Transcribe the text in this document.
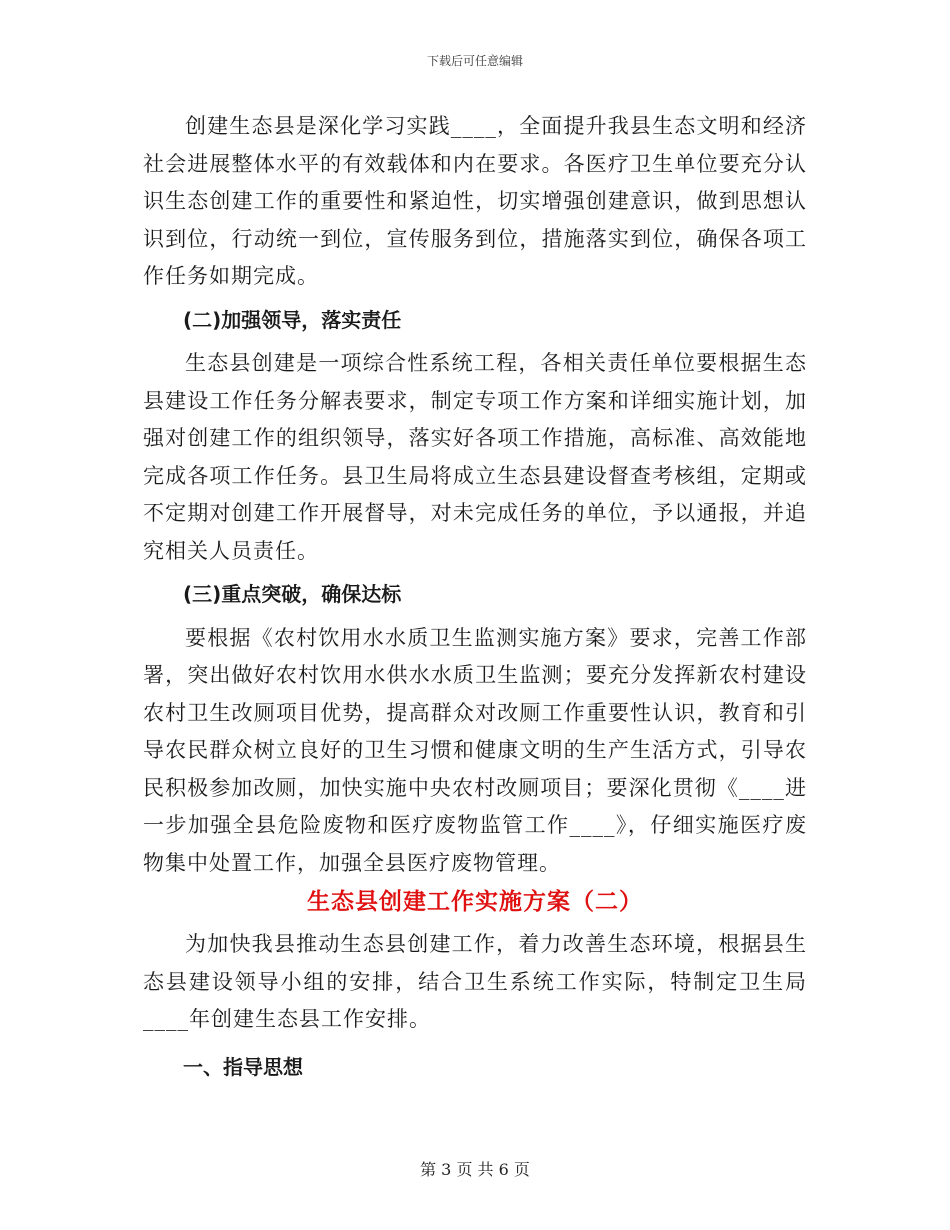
下载后可任意编辑

创建生态县是深化学习实践____，全面提升我县生态文明和经济社会进展整体水平的有效载体和内在要求。各医疗卫生单位要充分认识生态创建工作的重要性和紧迫性，切实增强创建意识，做到思想认识到位，行动统一到位，宣传服务到位，措施落实到位，确保各项工作任务如期完成。

(二)加强领导，落实责任

生态县创建是一项综合性系统工程，各相关责任单位要根据生态县建设工作任务分解表要求，制定专项工作方案和详细实施计划，加强对创建工作的组织领导，落实好各项工作措施，高标准、高效能地完成各项工作任务。县卫生局将成立生态县建设督查考核组，定期或不定期对创建工作开展督导，对未完成任务的单位，予以通报，并追究相关人员责任。

(三)重点突破，确保达标

要根据《农村饮用水水质卫生监测实施方案》要求，完善工作部署，突出做好农村饮用水供水水质卫生监测；要充分发挥新农村建设农村卫生改厕项目优势，提高群众对改厕工作重要性认识，教育和引导农民群众树立良好的卫生习惯和健康文明的生产生活方式，引导农民积极参加改厕，加快实施中央农村改厕项目；要深化贯彻《____进一步加强全县危险废物和医疗废物监管工作____》，仔细实施医疗废物集中处置工作，加强全县医疗废物管理。

生态县创建工作实施方案（二）

为加快我县推动生态县创建工作，着力改善生态环境，根据县生态县建设领导小组的安排，结合卫生系统工作实际，特制定卫生局____年创建生态县工作安排。

一、指导思想

第 3 页 共 6 页
